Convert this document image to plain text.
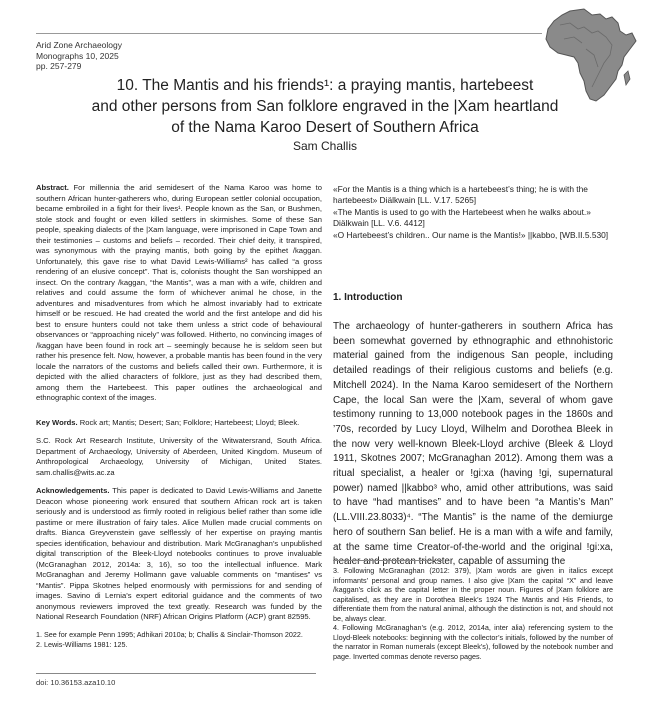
Arid Zone Archaeology
Monographs 10, 2025
pp. 257-279
10. The Mantis and his friends¹: a praying mantis, hartebeest
and other persons from San folklore engraved in the |Xam heartland
of the Nama Karoo Desert of Southern Africa
Sam Challis
Abstract. For millennia the arid semidesert of the Nama Karoo was home to southern African hunter-gatherers who, during European settler colonial occupation, became embroiled in a fight for their lives¹. People known as the San, or Bushmen, stole stock and fought or even killed settlers in skirmishes. Some of these San people, speaking dialects of the |Xam language, were imprisoned in Cape Town and their testimonies – customs and beliefs – recorded. Their chief deity, it transpired, was synonymous with the praying mantis, both going by the epithet /kaggan. Unfortunately, this gave rise to what David Lewis-Williams² has called “a gross rendering of an elusive concept”. That is, colonists thought the San worshipped an insect. On the contrary /kaggan, “the Mantis”, was a man with a wife, children and relatives and could assume the form of whichever animal he chose, in the adventures and misadventures from which he almost invariably had to extricate himself or be rescued. He had created the world and the first antelope and did his best to ensure hunters could not take them unless a strict code of behavioural observances or “approaching nicely” was followed. Hitherto, no convincing images of /kaggan have been found in rock art – seemingly because he is seldom seen but rather his presence felt. Now, however, a probable mantis has been found in the very locale the narrators of the customs and beliefs called their own. Furthermore, it is depicted with the allied characters of folklore, just as they had described them, among them the Hartebeest. This paper outlines the archaeological and ethnographic context of the images.
Key Words. Rock art; Mantis; Desert; San; Folklore; Hartebeest; Lloyd; Bleek.
S.C. Rock Art Research Institute, University of the Witwatersrand, South Africa. Department of Archaeology, University of Aberdeen, United Kingdom. Museum of Anthropological Archaeology, University of Michigan, United States. sam.challis@wits.ac.za
Acknowledgements. This paper is dedicated to David Lewis-Williams and Janette Deacon whose pioneering work ensured that southern African rock art is taken seriously and is understood as firmly rooted in religious belief rather than some idle pastime or mere illustration of fairy tales. Alice Mullen made crucial comments on drafts. Bianca Greyvenstein gave selflessly of her expertise on praying mantis species identification, behaviour and distribution. Mark McGranaghan’s unpublished digital transcription of the Bleek-Lloyd notebooks continues to prove invaluable (McGranaghan 2012, 2014a: 3, 16), so too the intellectual influence. Mark McGranaghan and Jeremy Hollmann gave valuable comments on “mantises” vs “Mantis”. Pippa Skotnes helped enormously with permissions for and sending of images. Savino di Lernia’s expert editorial guidance and the comments of two anonymous reviewers improved the text greatly. Research was funded by the National Research Foundation (NRF) African Origins Platform (ACP) grant 82595.
1. See for example Penn 1995; Adhikari 2010a; b; Challis & Sinclair-Thomson 2022.
2. Lewis-Williams 1981: 125.
doi: 10.36153.aza10.10
«For the Mantis is a thing which is a hartebeest’s thing; he is with the hartebeest» Diälkwain [LL. V.17. 5265]
«The Mantis is used to go with the Hartebeest when he walks about.» Diälkwain [LL. V.6. 4412]
«O Hartebeest’s children.. Our name is the Mantis!» ||kabbo, [WB.II.5.530]
1. Introduction
The archaeology of hunter-gatherers in southern Africa has been somewhat governed by ethnographic and ethnohistoric material gained from the indigenous San people, including detailed readings of their religious customs and beliefs (e.g. Mitchell 2024). In the Nama Karoo semidesert of the Northern Cape, the local San were the |Xam, several of whom gave testimony running to 13,000 notebook pages in the 1860s and ’70s, recorded by Lucy Lloyd, Wilhelm and Dorothea Bleek in the now very well-known Bleek-Lloyd archive (Bleek & Lloyd 1911, Skotnes 2007; McGranaghan 2012). Among them was a ritual specialist, a healer or !gi:xa (having !gi, supernatural power) named ||kabbo³ who, amid other attributions, was said to have “had mantises” and to have been “a Mantis’s Man” (LL.VIII.23.8033)⁴. “The Mantis” is the name of the demiurge hero of southern San belief. He is a man with a wife and family, at the same time Creator-of-the-world and the original !gi:xa, healer and protean trickster, capable of assuming the
3. Following McGranaghan (2012: 379), |Xam words are given in italics except informants’ personal and group names. I also give |Xam the capital “X” and leave /kaggan’s click as the capital letter in the proper noun. Figures of |Xam folklore are capitalised, as they are in Dorothea Bleek’s 1924 The Mantis and His Friends, to differentiate them from the natural animal, although the distinction is not, and should not be, always clear.
4. Following McGranaghan’s (e.g. 2012, 2014a, inter alia) referencing system to the Lloyd-Bleek notebooks: beginning with the collector’s initials, followed by the number of the narrator in Roman numerals (except Bleek’s), followed by the notebook number and page. Inverted commas denote reverso pages.
